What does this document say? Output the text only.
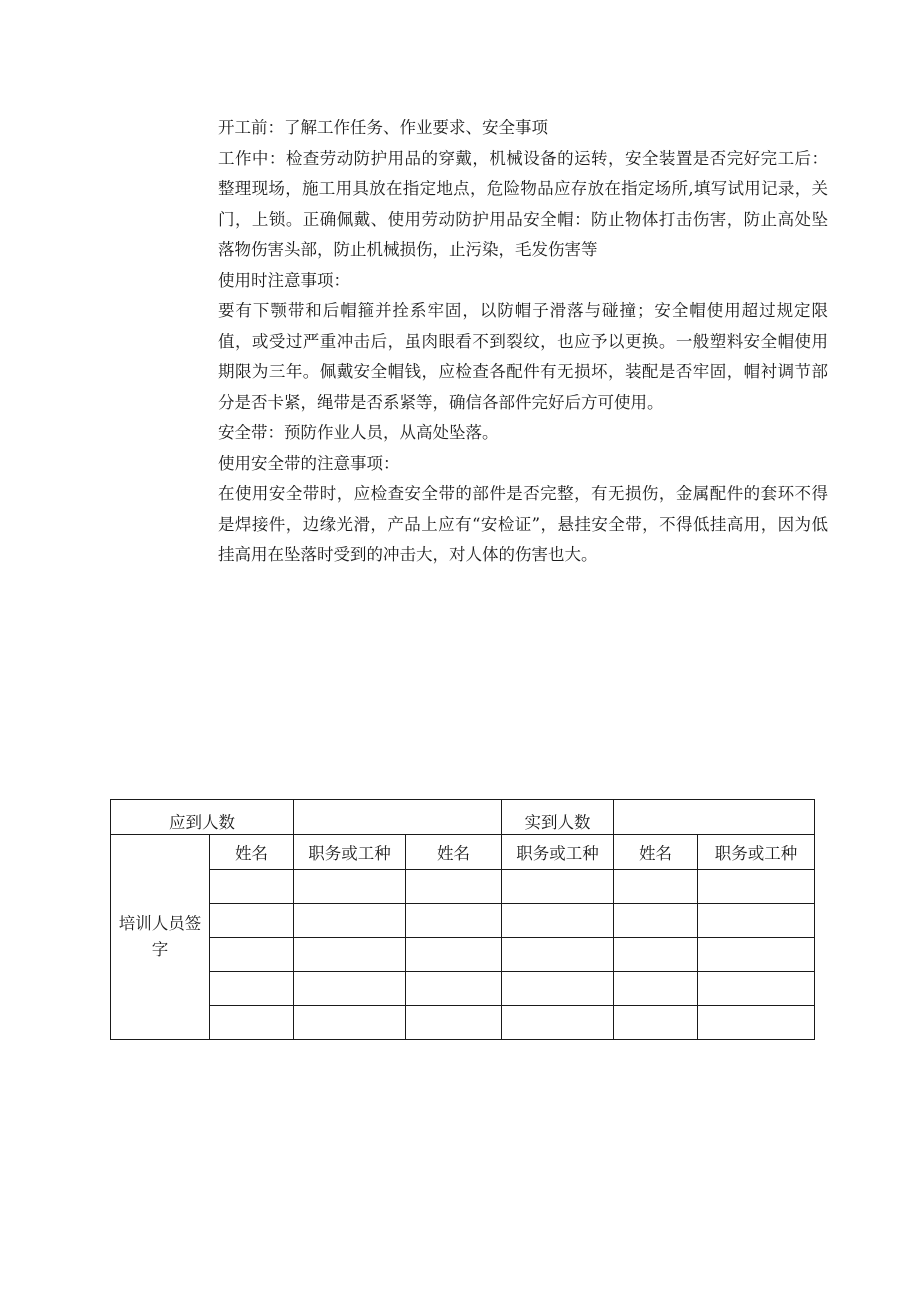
开工前：了解工作任务、作业要求、安全事项

工作中：检查劳动防护用品的穿戴，机械设备的运转，安全装置是否完好完工后：整理现场，施工用具放在指定地点，危险物品应存放在指定场所,填写试用记录，关门，上锁。正确佩戴、使用劳动防护用品安全帽：防止物体打击伤害，防止高处坠落物伤害头部，防止机械损伤，止污染，毛发伤害等

使用时注意事项：

要有下颚带和后帽箍并拴系牢固，以防帽子滑落与碰撞；安全帽使用超过规定限值，或受过严重冲击后，虽肉眼看不到裂纹，也应予以更换。一般塑料安全帽使用期限为三年。佩戴安全帽钱，应检查各配件有无损坏，装配是否牢固，帽衬调节部分是否卡紧，绳带是否系紧等，确信各部件完好后方可使用。

安全带：预防作业人员，从高处坠落。

使用安全带的注意事项：

在使用安全带时，应检查安全带的部件是否完整，有无损伤，金属配件的套环不得是焊接件，边缘光滑，产品上应有“安检证”，悬挂安全带，不得低挂高用，因为低挂高用在坠落时受到的冲击大，对人体的伤害也大。

应到人数				实到人数		
培训人员签字	姓名	职务或工种	姓名	职务或工种	姓名	职务或工种
